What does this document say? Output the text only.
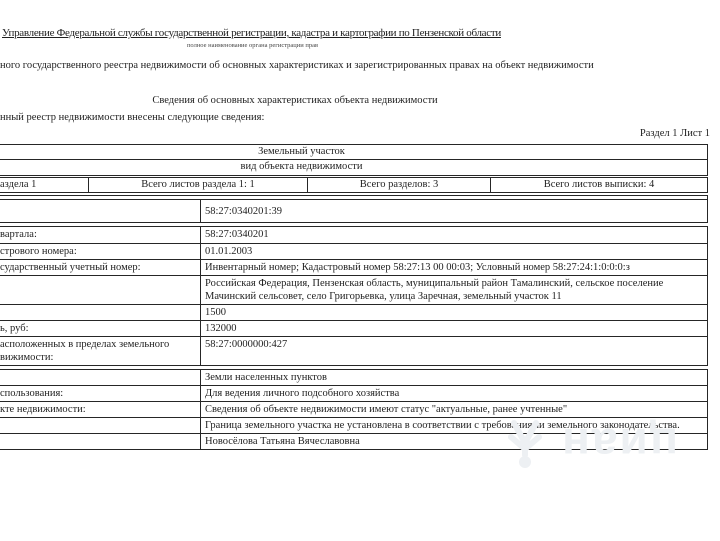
Управление Федеральной службы государственной регистрации, кадастра и картографии по Пензенской области
полное наименование органа регистрации прав
ного государственного реестра недвижимости об основных характеристиках и зарегистрированных правах на объект недвижимости
Сведения об основных характеристиках объекта недвижимости
нный реестр недвижимости внесены следующие сведения:
Раздел 1 Лист 1
Земельный участок
вид объекта недвижимости
аздела 1	Всего листов раздела 1: 1	Всего разделов: 3	Всего листов выписки: 4
58:27:0340201:39
вартала:	58:27:0340201
стрового номера:	01.01.2003
сударственный учетный номер:	Инвентарный номер; Кадастровый номер 58:27:13 00 00:03; Условный номер 58:27:24:1:0:0:0:з
Российская Федерация, Пензенская область, муниципальный район Тамалинский, сельское поселение Мачинский сельсовет, село Григорьевка, улица Заречная, земельный участок 11
1500
ь, руб:	132000
асположенных в пределах земельного
вижимости:
58:27:0000000:427
Земли населенных пунктов
спользования:	Для ведения личного подсобного хозяйства
кте недвижимости:	Сведения об объекте недвижимости имеют статус "актуальные, ранее учтенные"
Граница земельного участка не установлена в соответствии с требованиями земельного законодательства.
Новосёлова Татьяна Вячеславовна	циан
